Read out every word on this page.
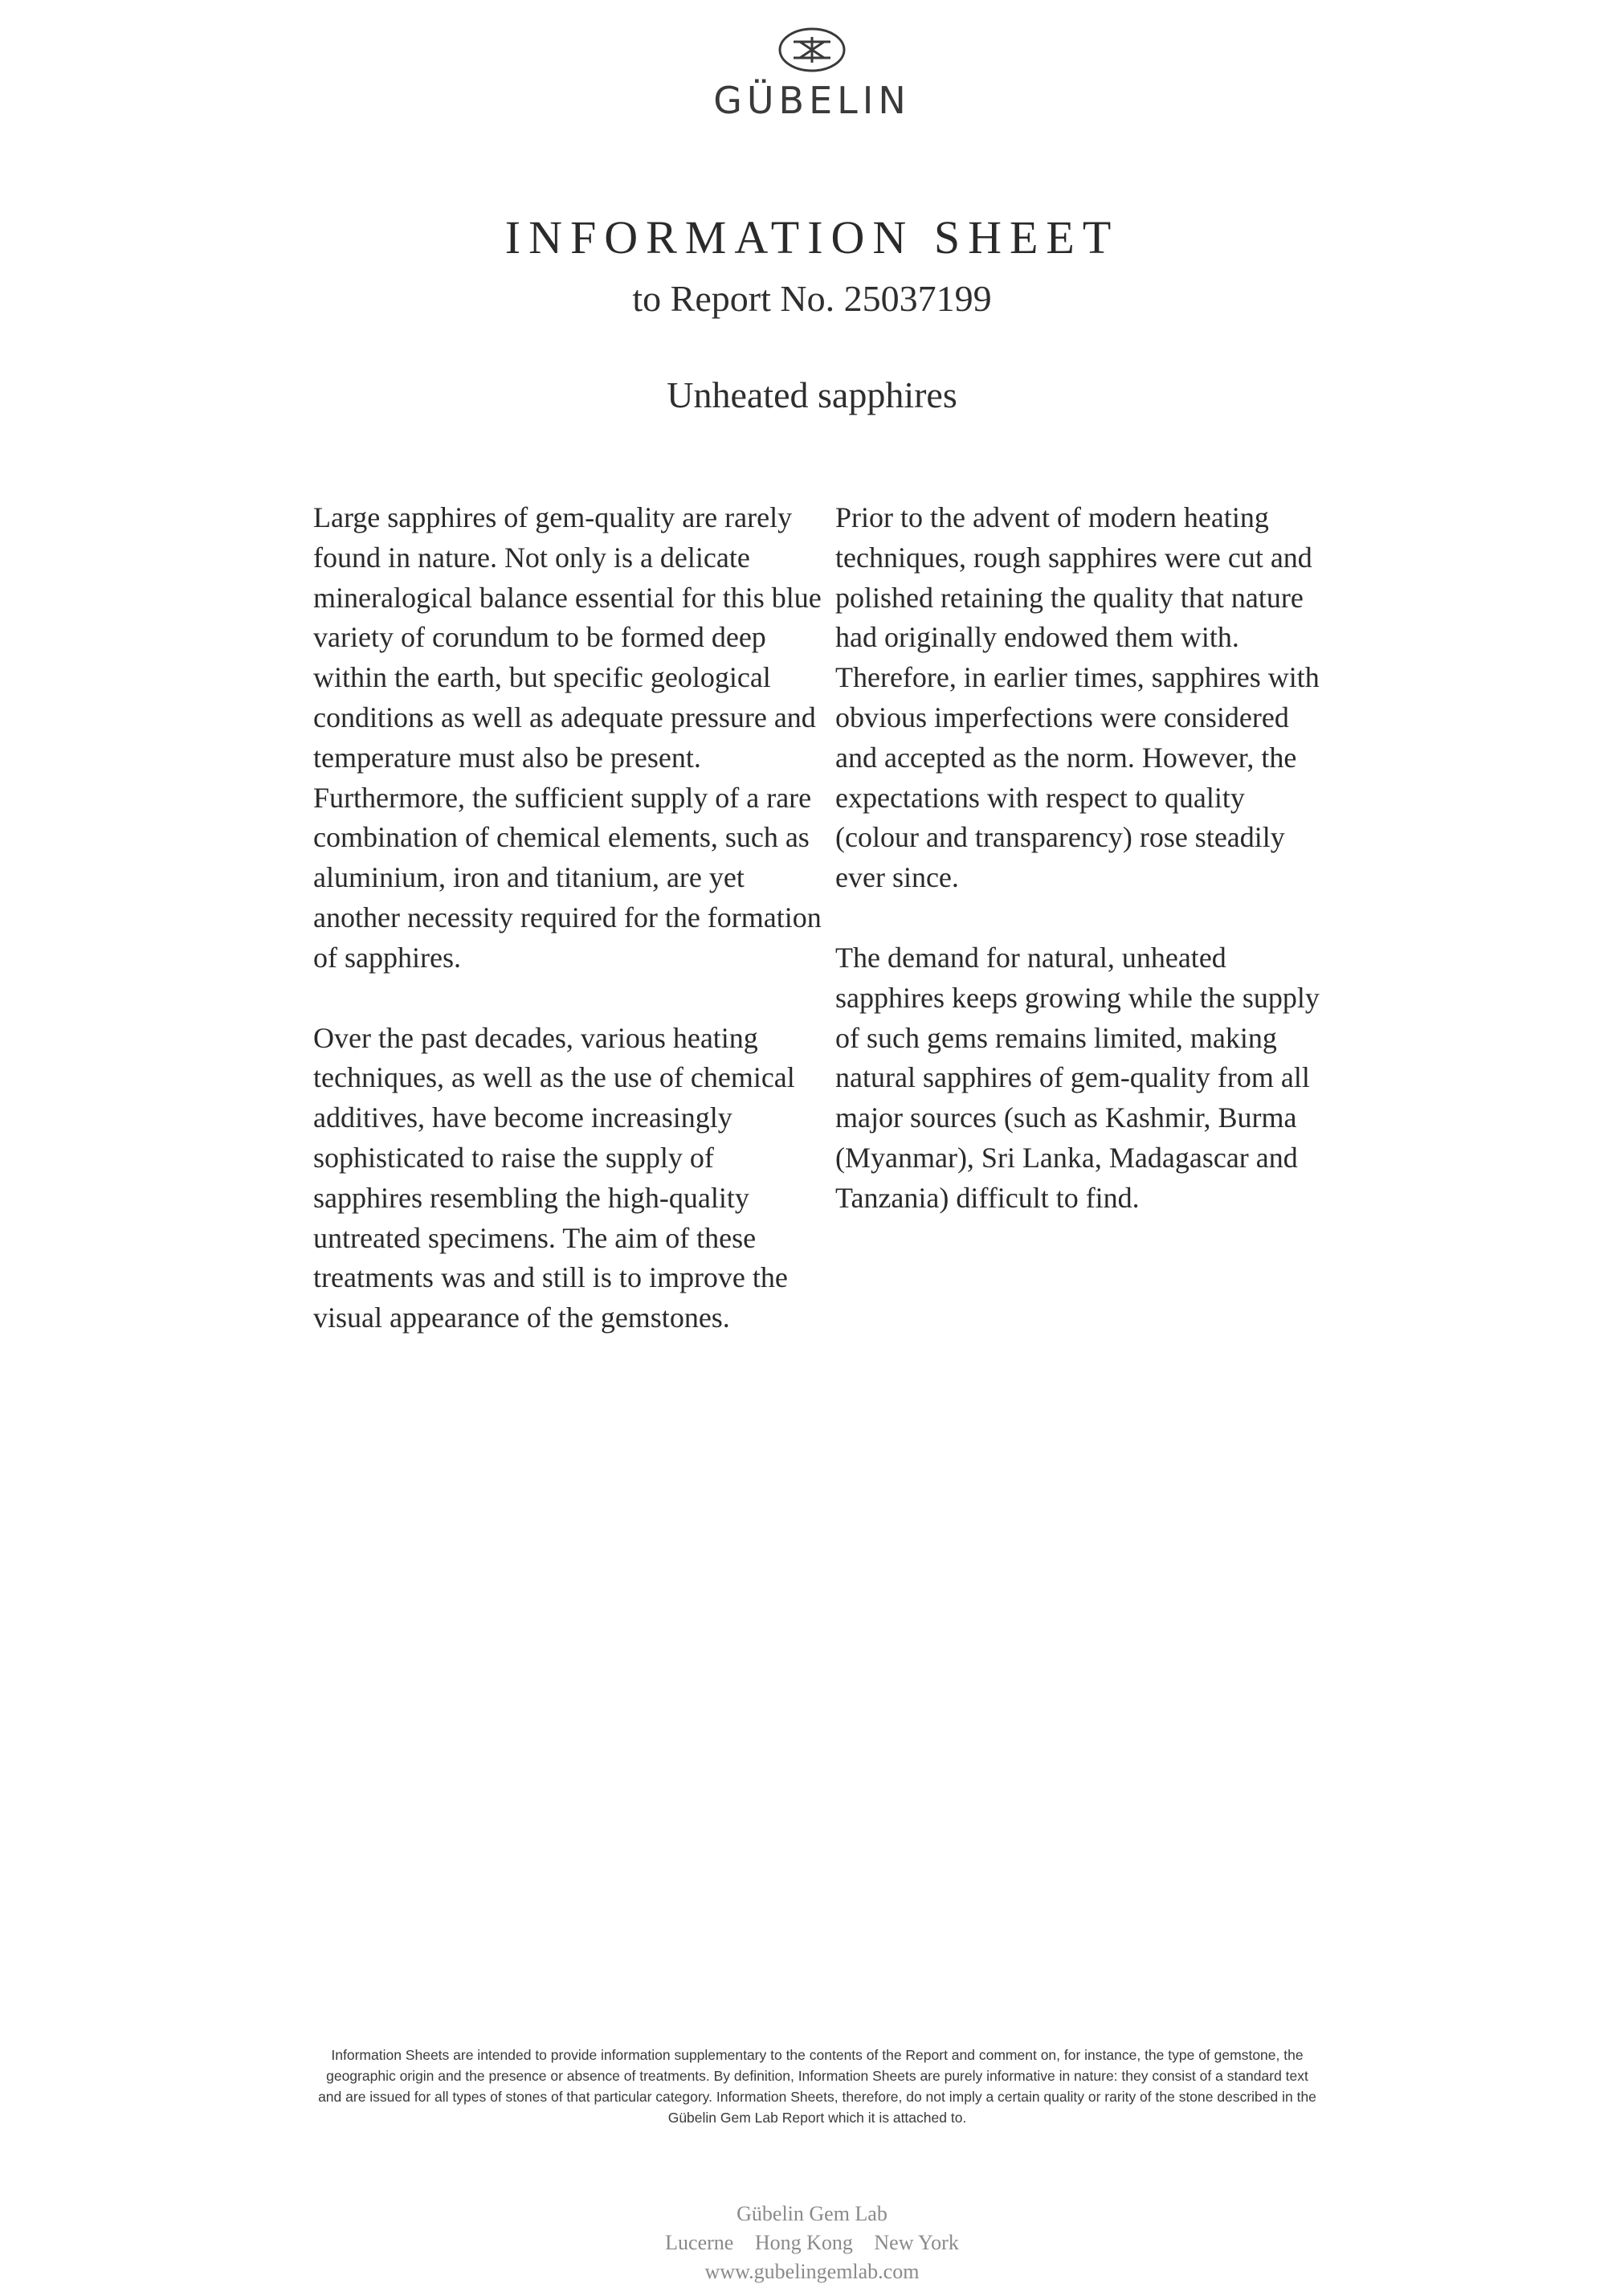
GÜBELIN
INFORMATION SHEET
to Report No. 25037199
Unheated sapphires

Large sapphires of gem-quality are rarely found in nature. Not only is a delicate mineralogical balance essential for this blue variety of corundum to be formed deep within the earth, but specific geological conditions as well as adequate pressure and temperature must also be present. Furthermore, the sufficient supply of a rare combination of chemical elements, such as aluminium, iron and titanium, are yet another necessity required for the formation of sapphires.

Over the past decades, various heating techniques, as well as the use of chemical additives, have become increasingly sophisticated to raise the supply of sapphires resembling the high-quality untreated specimens. The aim of these treatments was and still is to improve the visual appearance of the gemstones.

Prior to the advent of modern heating techniques, rough sapphires were cut and polished retaining the quality that nature had originally endowed them with. Therefore, in earlier times, sapphires with obvious imperfections were considered and accepted as the norm. However, the expectations with respect to quality (colour and transparency) rose steadily ever since.

The demand for natural, unheated sapphires keeps growing while the supply of such gems remains limited, making natural sapphires of gem-quality from all major sources (such as Kashmir, Burma (Myanmar), Sri Lanka, Madagascar and Tanzania) difficult to find.

Information Sheets are intended to provide information supplementary to the contents of the Report and comment on, for instance, the type of gemstone, the geographic origin and the presence or absence of treatments. By definition, Information Sheets are purely informative in nature: they consist of a standard text and are issued for all types of stones of that particular category. Information Sheets, therefore, do not imply a certain quality or rarity of the stone described in the Gübelin Gem Lab Report which it is attached to.
Gübelin Gem Lab
Lucerne Hong Kong New York
www.gubelingemlab.com
